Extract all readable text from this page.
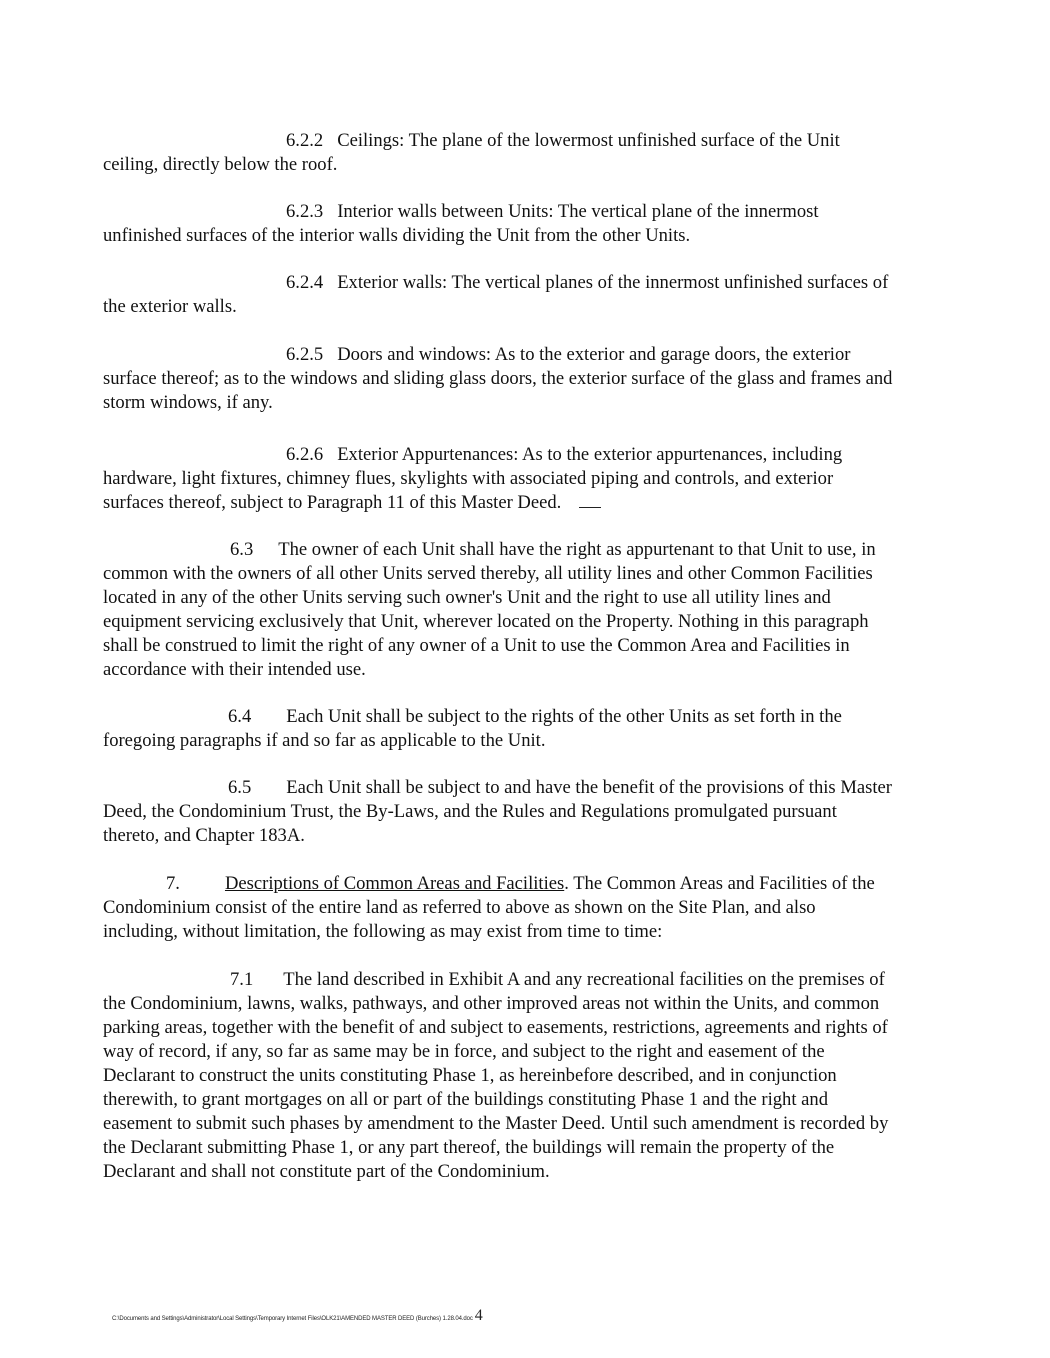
6.2.2 Ceilings: The plane of the lowermost unfinished surface of the Unit ceiling, directly below the roof.

6.2.3 Interior walls between Units: The vertical plane of the innermost unfinished surfaces of the interior walls dividing the Unit from the other Units.

6.2.4 Exterior walls: The vertical planes of the innermost unfinished surfaces of the exterior walls.

6.2.5 Doors and windows: As to the exterior and garage doors, the exterior surface thereof; as to the windows and sliding glass doors, the exterior surface of the glass and frames and storm windows, if any.

6.2.6 Exterior Appurtenances: As to the exterior appurtenances, including hardware, light fixtures, chimney flues, skylights with associated piping and controls, and exterior surfaces thereof, subject to Paragraph 11 of this Master Deed.

6.3 The owner of each Unit shall have the right as appurtenant to that Unit to use, in common with the owners of all other Units served thereby, all utility lines and other Common Facilities located in any of the other Units serving such owner's Unit and the right to use all utility lines and equipment servicing exclusively that Unit, wherever located on the Property. Nothing in this paragraph shall be construed to limit the right of any owner of a Unit to use the Common Area and Facilities in accordance with their intended use.

6.4 Each Unit shall be subject to the rights of the other Units as set forth in the foregoing paragraphs if and so far as applicable to the Unit.

6.5 Each Unit shall be subject to and have the benefit of the provisions of this Master Deed, the Condominium Trust, the By-Laws, and the Rules and Regulations promulgated pursuant thereto, and Chapter 183A.

7. Descriptions of Common Areas and Facilities. The Common Areas and Facilities of the Condominium consist of the entire land as referred to above as shown on the Site Plan, and also including, without limitation, the following as may exist from time to time:

7.1 The land described in Exhibit A and any recreational facilities on the premises of the Condominium, lawns, walks, pathways, and other improved areas not within the Units, and common parking areas, together with the benefit of and subject to easements, restrictions, agreements and rights of way of record, if any, so far as same may be in force, and subject to the right and easement of the Declarant to construct the units constituting Phase 1, as hereinbefore described, and in conjunction therewith, to grant mortgages on all or part of the buildings constituting Phase 1 and the right and easement to submit such phases by amendment to the Master Deed. Until such amendment is recorded by the Declarant submitting Phase 1, or any part thereof, the buildings will remain the property of the Declarant and shall not constitute part of the Condominium.

C:\Documents and Settings\Administrator\Local Settings\Temporary Internet Files\OLK21\AMENDED MASTER DEED (Burches) 1.28.04.doc 4
